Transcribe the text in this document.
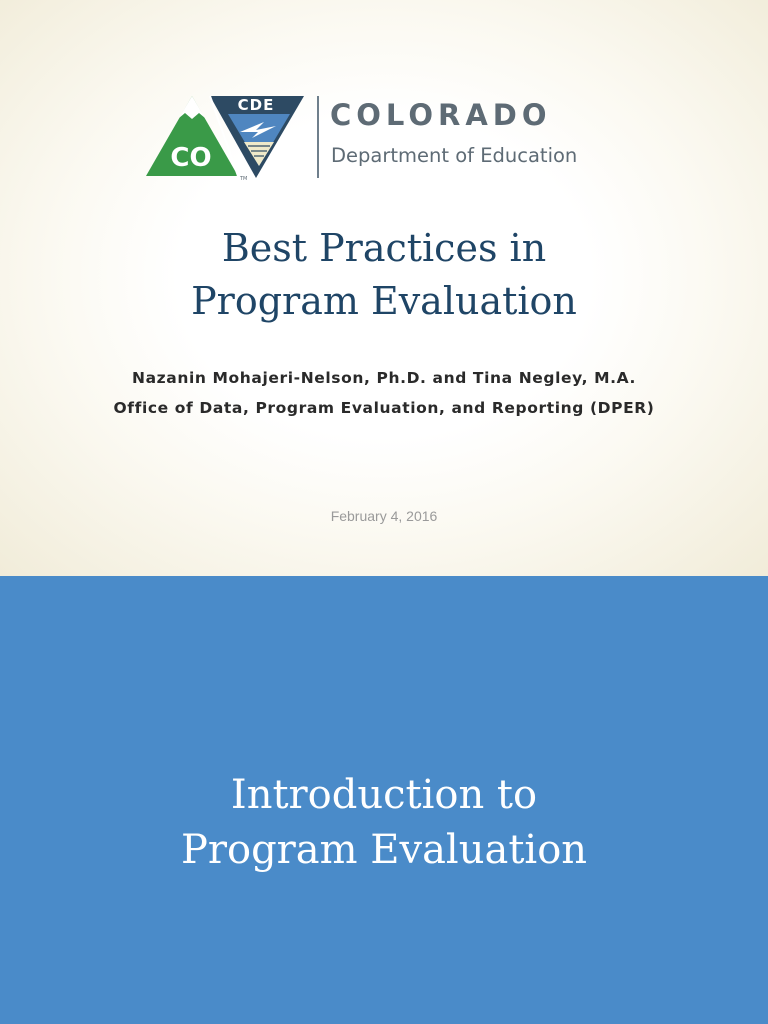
CDE
CO
TM
COLORADO
Department of Education
Best Practices in
Program Evaluation
Nazanin Mohajeri-Nelson, Ph.D. and Tina Negley, M.A.
Office of Data, Program Evaluation, and Reporting (DPER)
February 4, 2016
Introduction to
Program Evaluation
